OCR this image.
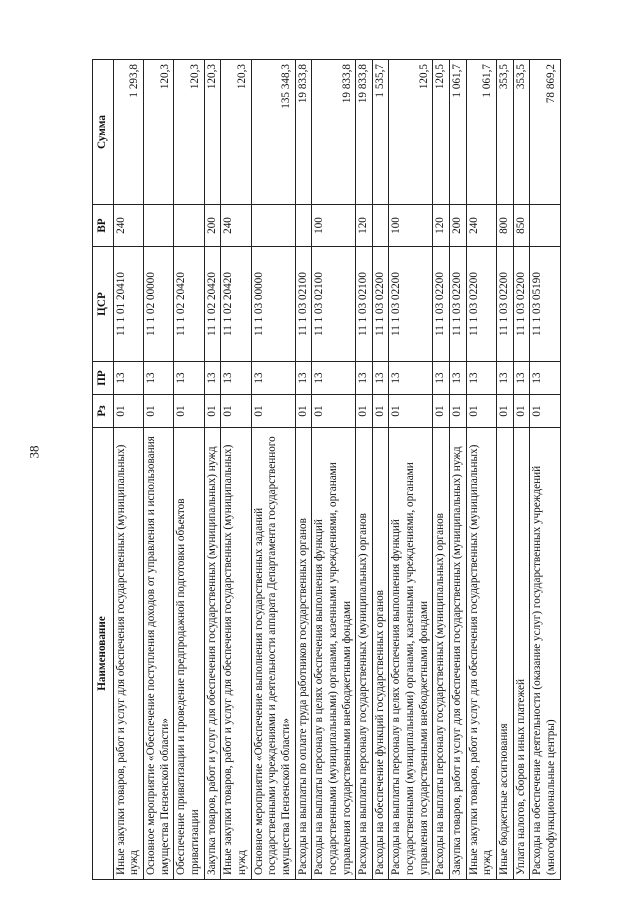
38
Наименование	Рз	ПР	ЦСР	ВР	Сумма
Иные закупки товаров, работ и услуг для обеспечения государственных (муниципальных) нужд	01	13	11 1 01 20410	240	1 293,8
Основное мероприятие «Обеспечение поступления доходов от управления и использования имущества Пензенской области»	01	13	11 1 02 00000		120,3
Обеспечение приватизации и проведение предпродажной подготовки объектов приватизации	01	13	11 1 02 20420		120,3
Закупка товаров, работ и услуг для обеспечения государственных (муниципальных) нужд	01	13	11 1 02 20420	200	120,3
Иные закупки товаров, работ и услуг для обеспечения государственных (муниципальных) нужд	01	13	11 1 02 20420	240	120,3
Основное мероприятие «Обеспечение выполнения государственных заданий государственными учреждениями и деятельности аппарата Департамента государственного имущества Пензенской области»	01	13	11 1 03 00000		135 348,3
Расходы на выплаты по оплате труда работников государственных органов	01	13	11 1 03 02100		19 833,8
Расходы на выплаты персоналу в целях обеспечения выполнения функций государственными (муниципальными) органами, казенными учреждениями, органами управления государственными внебюджетными фондами	01	13	11 1 03 02100	100	19 833,8
Расходы на выплаты персоналу государственных (муниципальных) органов	01	13	11 1 03 02100	120	19 833,8
Расходы на обеспечение функций государственных органов	01	13	11 1 03 02200		1 535,7
Расходы на выплаты персоналу в целях обеспечения выполнения функций государственными (муниципальными) органами, казенными учреждениями, органами управления государственными внебюджетными фондами	01	13	11 1 03 02200	100	120,5
Расходы на выплаты персоналу государственных (муниципальных) органов	01	13	11 1 03 02200	120	120,5
Закупка товаров, работ и услуг для обеспечения государственных (муниципальных) нужд	01	13	11 1 03 02200	200	1 061,7
Иные закупки товаров, работ и услуг для обеспечения государственных (муниципальных) нужд	01	13	11 1 03 02200	240	1 061,7
Иные бюджетные ассигнования	01	13	11 1 03 02200	800	353,5
Уплата налогов, сборов и иных платежей	01	13	11 1 03 02200	850	353,5
Расходы на обеспечение деятельности (оказание услуг) государственных учреждений (многофункциональные центры)	01	13	11 1 03 05190		78 869,2
